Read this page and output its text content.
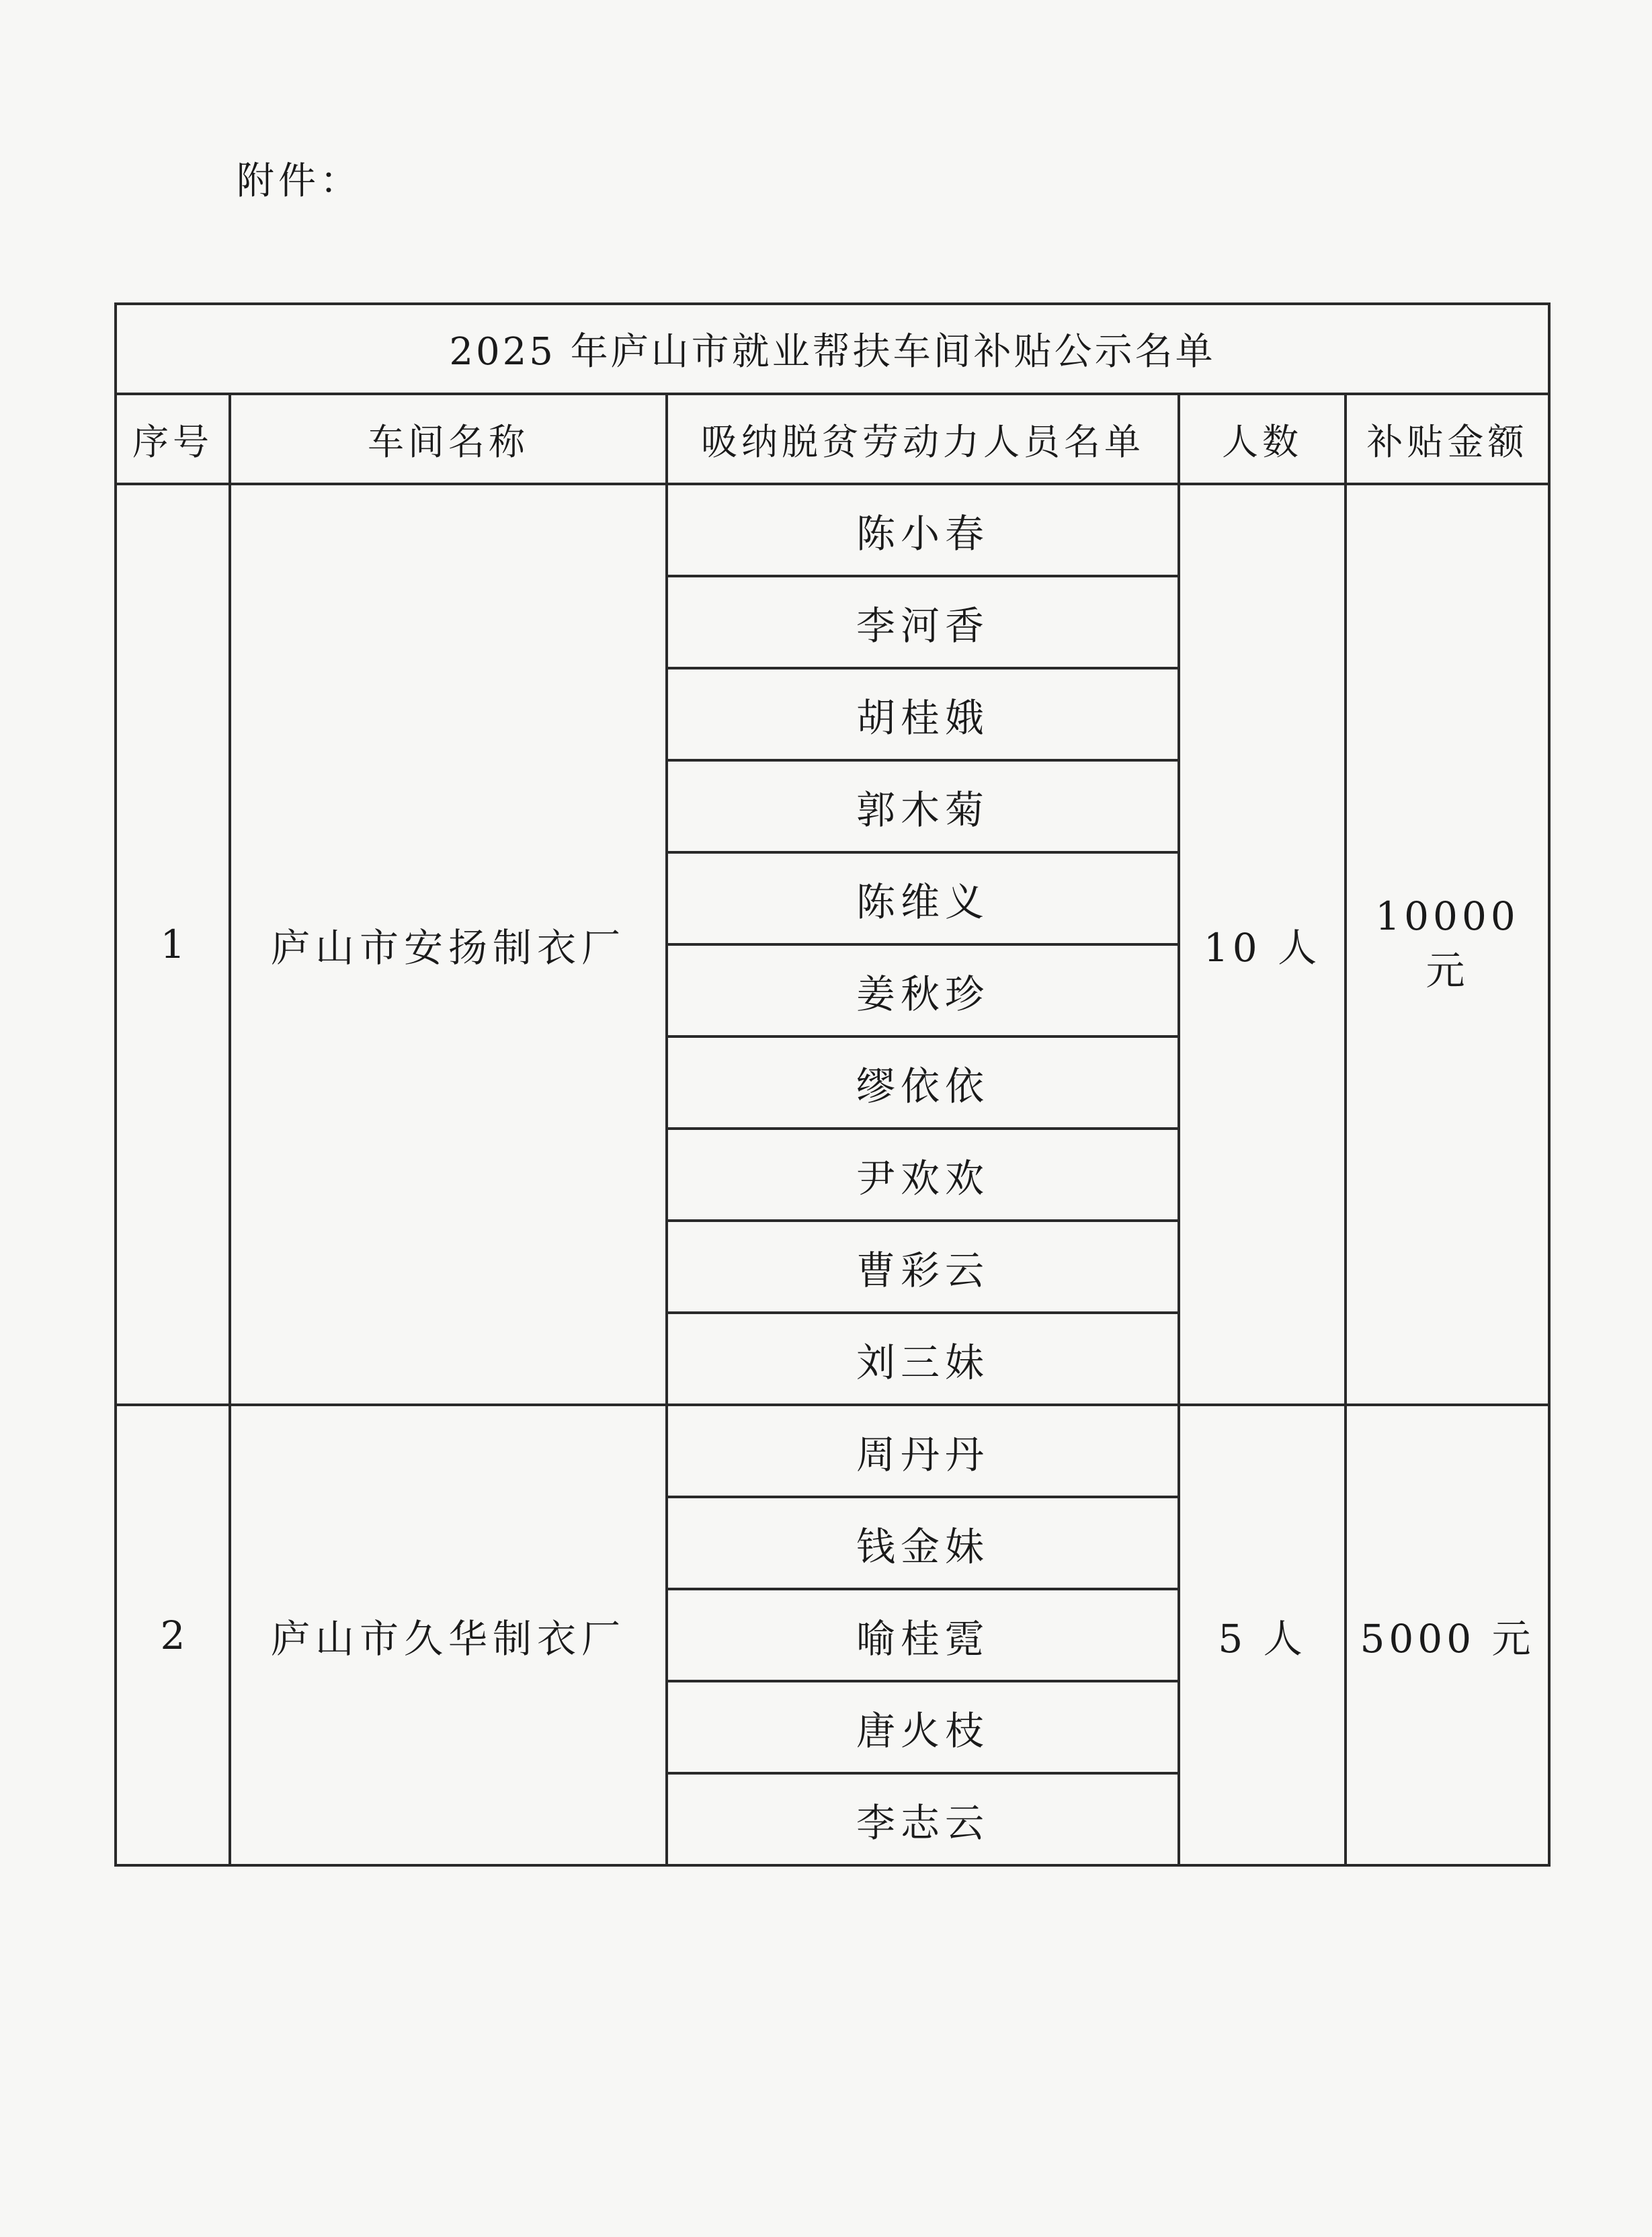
附件：
2025 年庐山市就业帮扶车间补贴公示名单				
序号	车间名称	吸纳脱贫劳动力人员名单	人数	补贴金额
1	庐山市安扬制衣厂	陈小春	10 人	10000 元
		李河香		
		胡桂娥		
		郭木菊		
		陈维义		
		姜秋珍		
		缪依依		
		尹欢欢		
		曹彩云		
		刘三妹		
2	庐山市久华制衣厂	周丹丹	5 人	5000 元
		钱金妹		
		喻桂霓		
		唐火枝		
		李志云		
